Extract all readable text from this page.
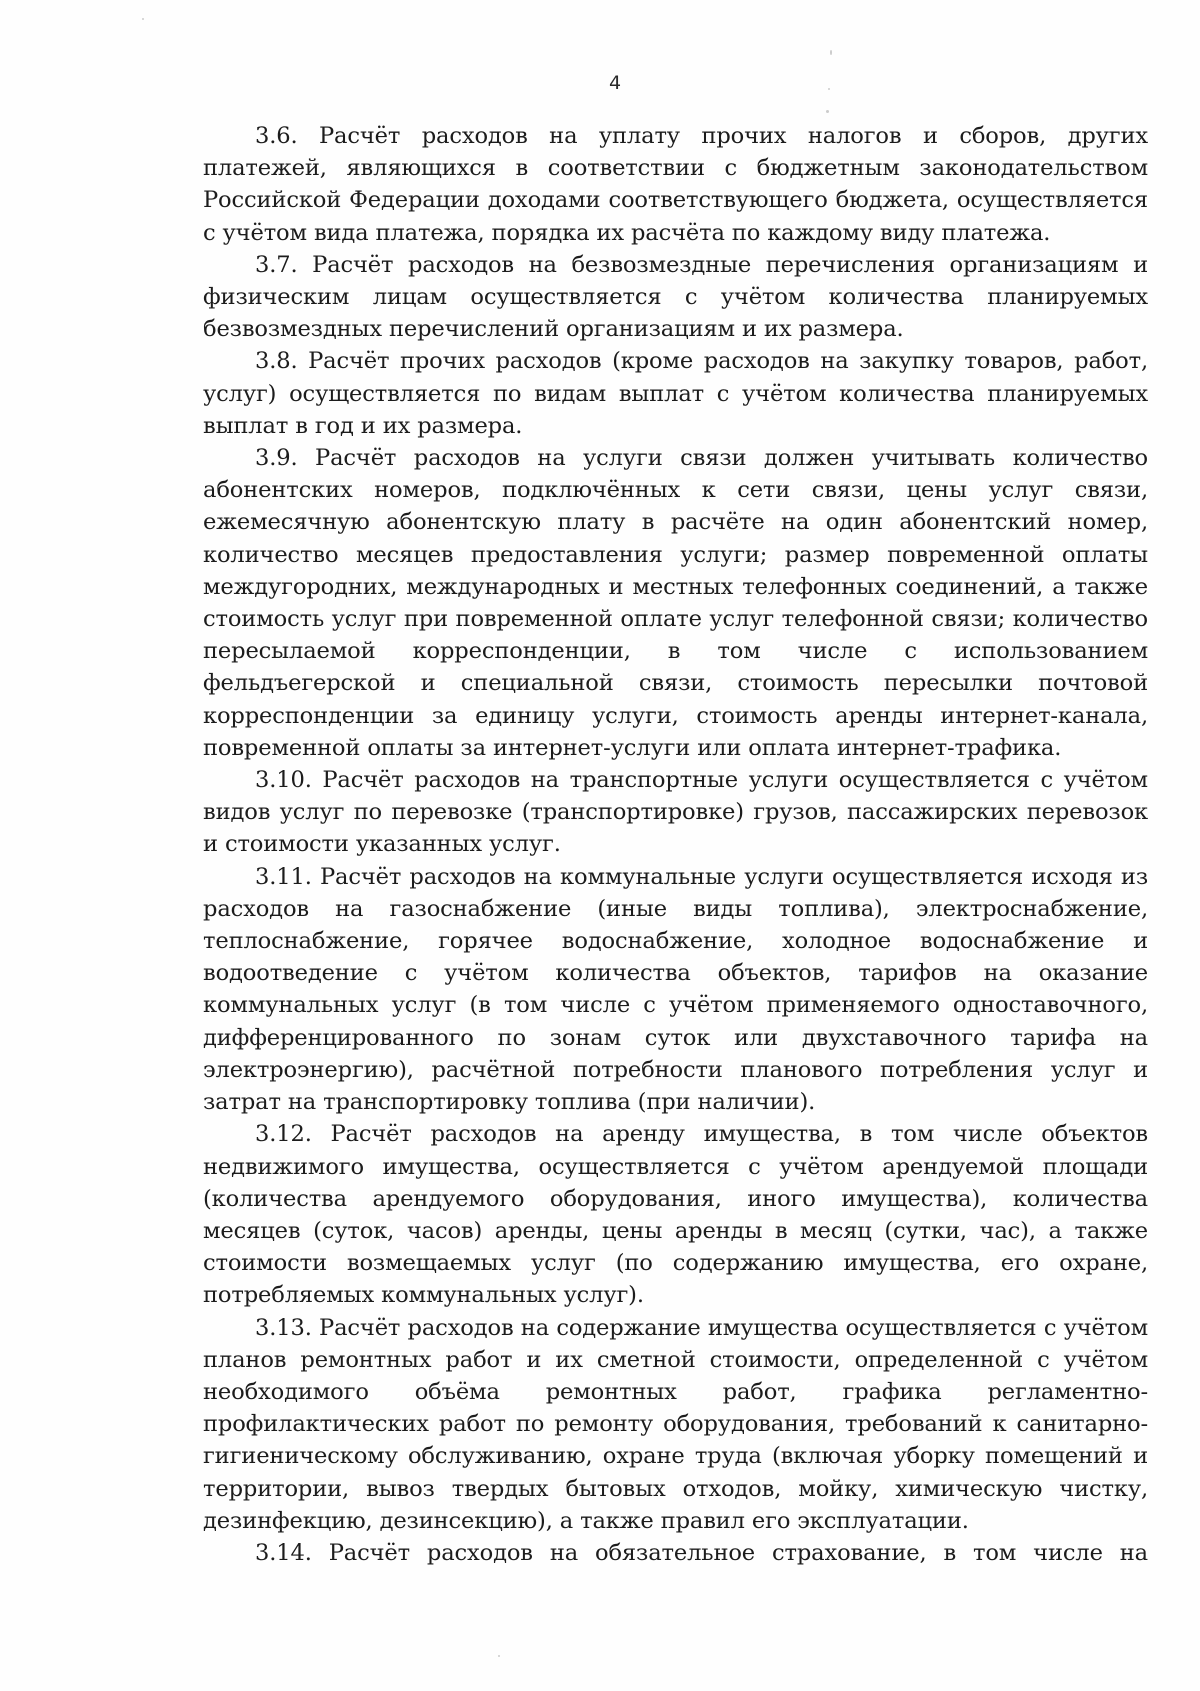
4

3.6. Расчёт расходов на уплату прочих налогов и сборов, других платежей, являющихся в соответствии с бюджетным законодательством Российской Федерации доходами соответствующего бюджета, осуществляется с учётом вида платежа, порядка их расчёта по каждому виду платежа.

3.7. Расчёт расходов на безвозмездные перечисления организациям и физическим лицам осуществляется с учётом количества планируемых безвозмездных перечислений организациям и их размера.

3.8. Расчёт прочих расходов (кроме расходов на закупку товаров, работ, услуг) осуществляется по видам выплат с учётом количества планируемых выплат в год и их размера.

3.9. Расчёт расходов на услуги связи должен учитывать количество абонентских номеров, подключённых к сети связи, цены услуг связи, ежемесячную абонентскую плату в расчёте на один абонентский номер, количество месяцев предоставления услуги; размер повременной оплаты междугородних, международных и местных телефонных соединений, а также стоимость услуг при повременной оплате услуг телефонной связи; количество пересылаемой корреспонденции, в том числе с использованием фельдъегерской и специальной связи, стоимость пересылки почтовой корреспонденции за единицу услуги, стоимость аренды интернет-канала, повременной оплаты за интернет-услуги или оплата интернет-трафика.

3.10. Расчёт расходов на транспортные услуги осуществляется с учётом видов услуг по перевозке (транспортировке) грузов, пассажирских перевозок и стоимости указанных услуг.

3.11. Расчёт расходов на коммунальные услуги осуществляется исходя из расходов на газоснабжение (иные виды топлива), электроснабжение, теплоснабжение, горячее водоснабжение, холодное водоснабжение и водоотведение с учётом количества объектов, тарифов на оказание коммунальных услуг (в том числе с учётом применяемого одноставочного, дифференцированного по зонам суток или двухставочного тарифа на электроэнергию), расчётной потребности планового потребления услуг и затрат на транспортировку топлива (при наличии).

3.12. Расчёт расходов на аренду имущества, в том числе объектов недвижимого имущества, осуществляется с учётом арендуемой площади (количества арендуемого оборудования, иного имущества), количества месяцев (суток, часов) аренды, цены аренды в месяц (сутки, час), а также стоимости возмещаемых услуг (по содержанию имущества, его охране, потребляемых коммунальных услуг).

3.13. Расчёт расходов на содержание имущества осуществляется с учётом планов ремонтных работ и их сметной стоимости, определенной с учётом необходимого объёма ремонтных работ, графика регламентно-профилактических работ по ремонту оборудования, требований к санитарно-гигиеническому обслуживанию, охране труда (включая уборку помещений и территории, вывоз твердых бытовых отходов, мойку, химическую чистку, дезинфекцию, дезинсекцию), а также правил его эксплуатации.

3.14. Расчёт расходов на обязательное страхование, в том числе на
